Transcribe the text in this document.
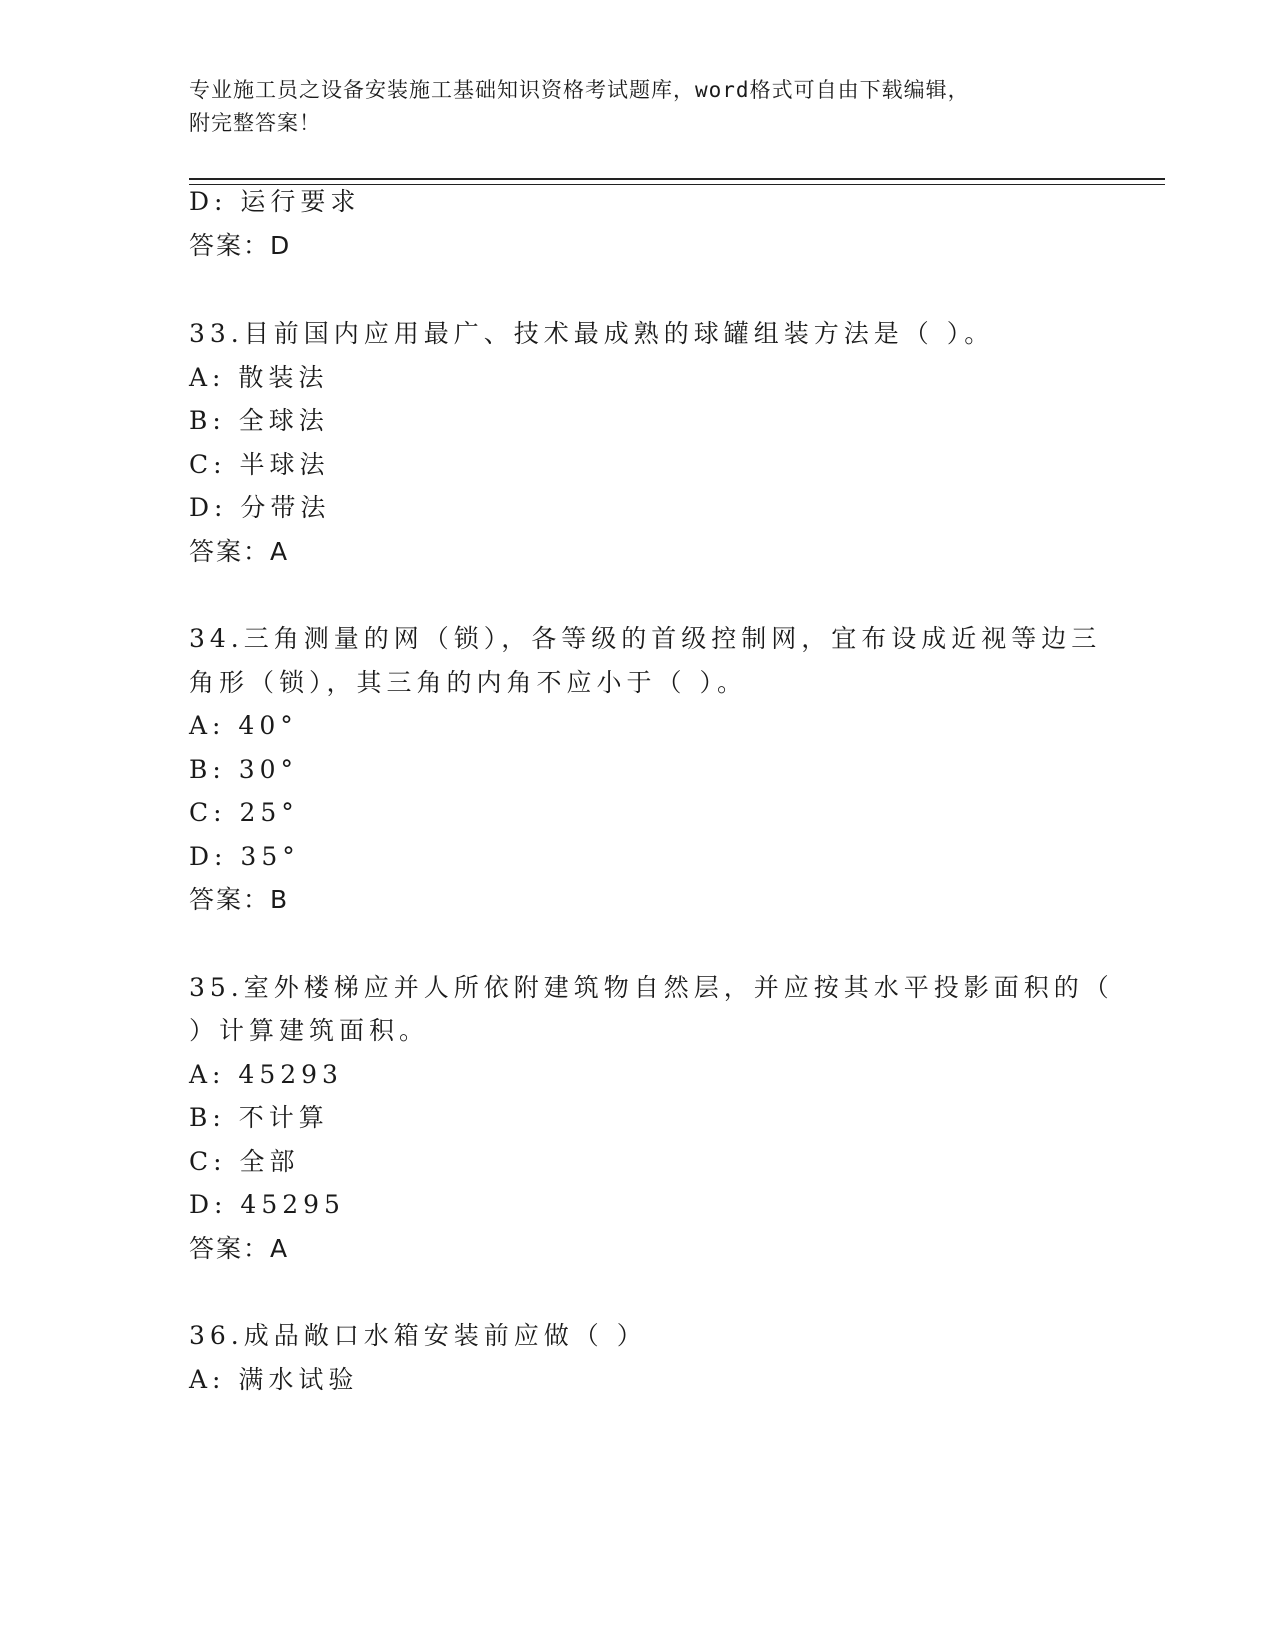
专业施工员之设备安装施工基础知识资格考试题库，word格式可自由下载编辑，
附完整答案！
D: 运行要求
答案：D
33.目前国内应用最广、技术最成熟的球罐组装方法是（ ）。
A: 散装法
B: 全球法
C: 半球法
D: 分带法
答案：A
34.三角测量的网（锁），各等级的首级控制网，宜布设成近视等边三
角形（锁），其三角的内角不应小于（ ）。
A: 40°
B: 30°
C: 25°
D: 35°
答案：B
35.室外楼梯应并人所依附建筑物自然层，并应按其水平投影面积的（
）计算建筑面积。
A: 45293
B: 不计算
C: 全部
D: 45295
答案：A
36.成品敞口水箱安装前应做（ ）
A: 满水试验
